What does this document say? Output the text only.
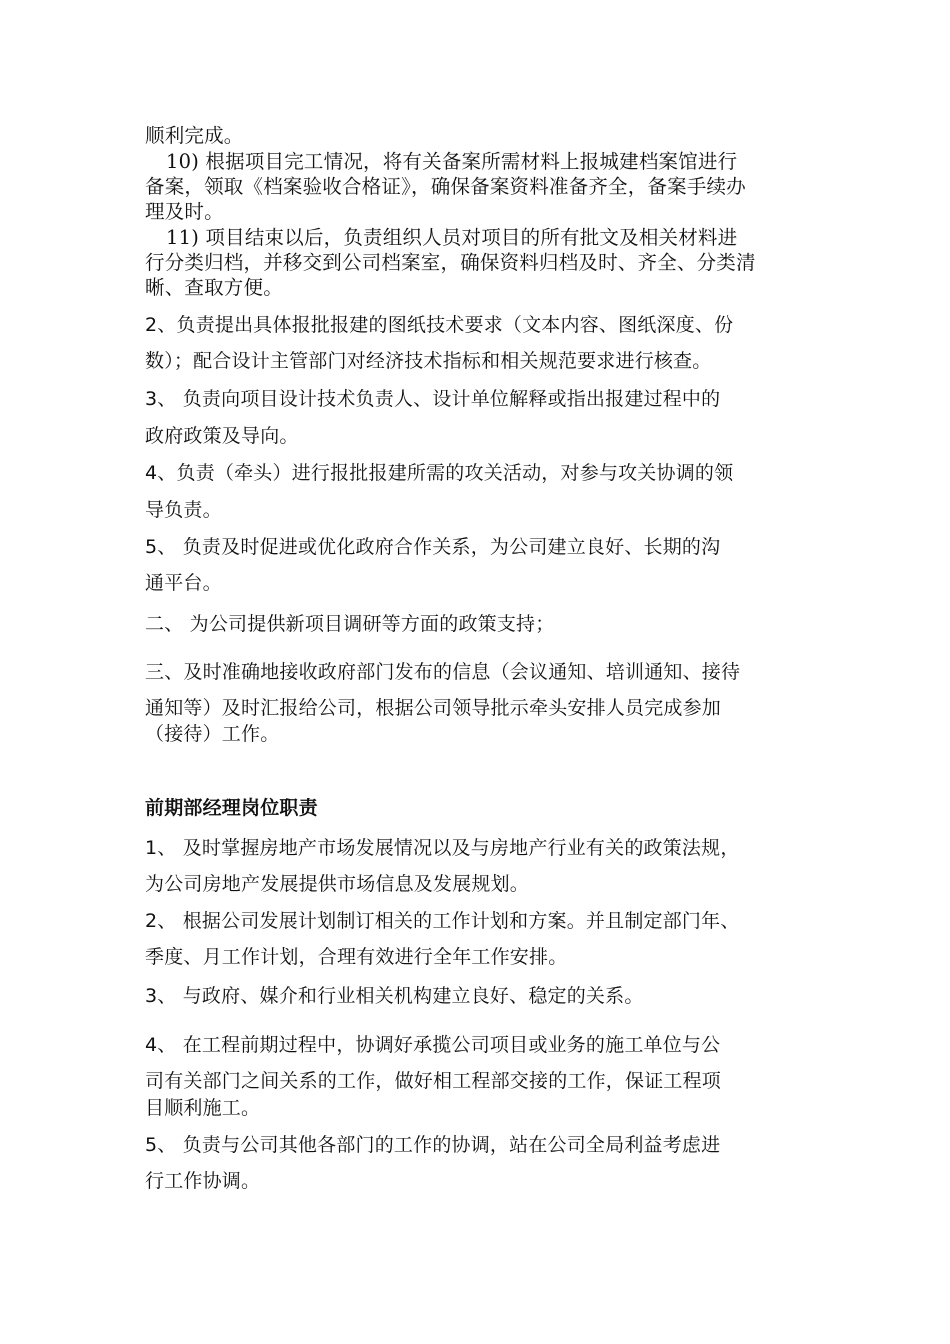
顺利完成。
10) 根据项目完工情况，将有关备案所需材料上报城建档案馆进行
备案，领取《档案验收合格证》，确保备案资料准备齐全，备案手续办
理及时。
11) 项目结束以后，负责组织人员对项目的所有批文及相关材料进
行分类归档，并移交到公司档案室，确保资料归档及时、齐全、分类清
晰、查取方便。
2、负责提出具体报批报建的图纸技术要求（文本内容、图纸深度、份
数）；配合设计主管部门对经济技术指标和相关规范要求进行核查。
3、 负责向项目设计技术负责人、设计单位解释或指出报建过程中的
政府政策及导向。
4、负责（牵头）进行报批报建所需的攻关活动，对参与攻关协调的领
导负责。
5、 负责及时促进或优化政府合作关系，为公司建立良好、长期的沟
通平台。
二、 为公司提供新项目调研等方面的政策支持；
三、及时准确地接收政府部门发布的信息（会议通知、培训通知、接待
通知等）及时汇报给公司，根据公司领导批示牵头安排人员完成参加
（接待）工作。
前期部经理岗位职责
1、 及时掌握房地产市场发展情况以及与房地产行业有关的政策法规，
为公司房地产发展提供市场信息及发展规划。
2、 根据公司发展计划制订相关的工作计划和方案。并且制定部门年、
季度、月工作计划，合理有效进行全年工作安排。
3、 与政府、媒介和行业相关机构建立良好、稳定的关系。
4、 在工程前期过程中，协调好承揽公司项目或业务的施工单位与公
司有关部门之间关系的工作，做好相工程部交接的工作，保证工程项
目顺利施工。
5、 负责与公司其他各部门的工作的协调，站在公司全局利益考虑进
行工作协调。
